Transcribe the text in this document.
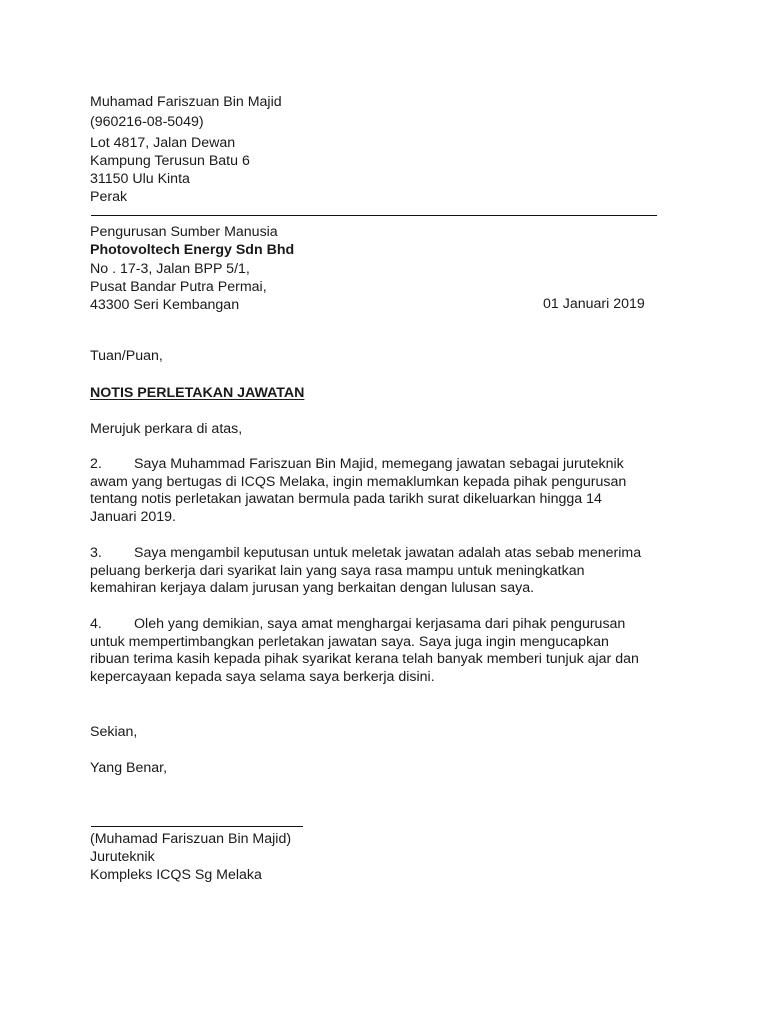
Muhamad Fariszuan Bin Majid
(960216-08-5049)
Lot 4817, Jalan Dewan
Kampung Terusun Batu 6
31150 Ulu Kinta
Perak
Pengurusan Sumber Manusia
Photovoltech Energy Sdn Bhd
No . 17-3, Jalan BPP 5/1,
Pusat Bandar Putra Permai,
43300 Seri Kembangan	01 Januari 2019
Tuan/Puan,
NOTIS PERLETAKAN JAWATAN
Merujuk perkara di atas,
2. Saya Muhammad Fariszuan Bin Majid, memegang jawatan sebagai juruteknik
awam yang bertugas di ICQS Melaka, ingin memaklumkan kepada pihak pengurusan
tentang notis perletakan jawatan bermula pada tarikh surat dikeluarkan hingga 14
Januari 2019.
3. Saya mengambil keputusan untuk meletak jawatan adalah atas sebab menerima
peluang berkerja dari syarikat lain yang saya rasa mampu untuk meningkatkan
kemahiran kerjaya dalam jurusan yang berkaitan dengan lulusan saya.
4. Oleh yang demikian, saya amat menghargai kerjasama dari pihak pengurusan
untuk mempertimbangkan perletakan jawatan saya. Saya juga ingin mengucapkan
ribuan terima kasih kepada pihak syarikat kerana telah banyak memberi tunjuk ajar dan
kepercayaan kepada saya selama saya berkerja disini.
Sekian,
Yang Benar,
(Muhamad Fariszuan Bin Majid)
Juruteknik
Kompleks ICQS Sg Melaka
